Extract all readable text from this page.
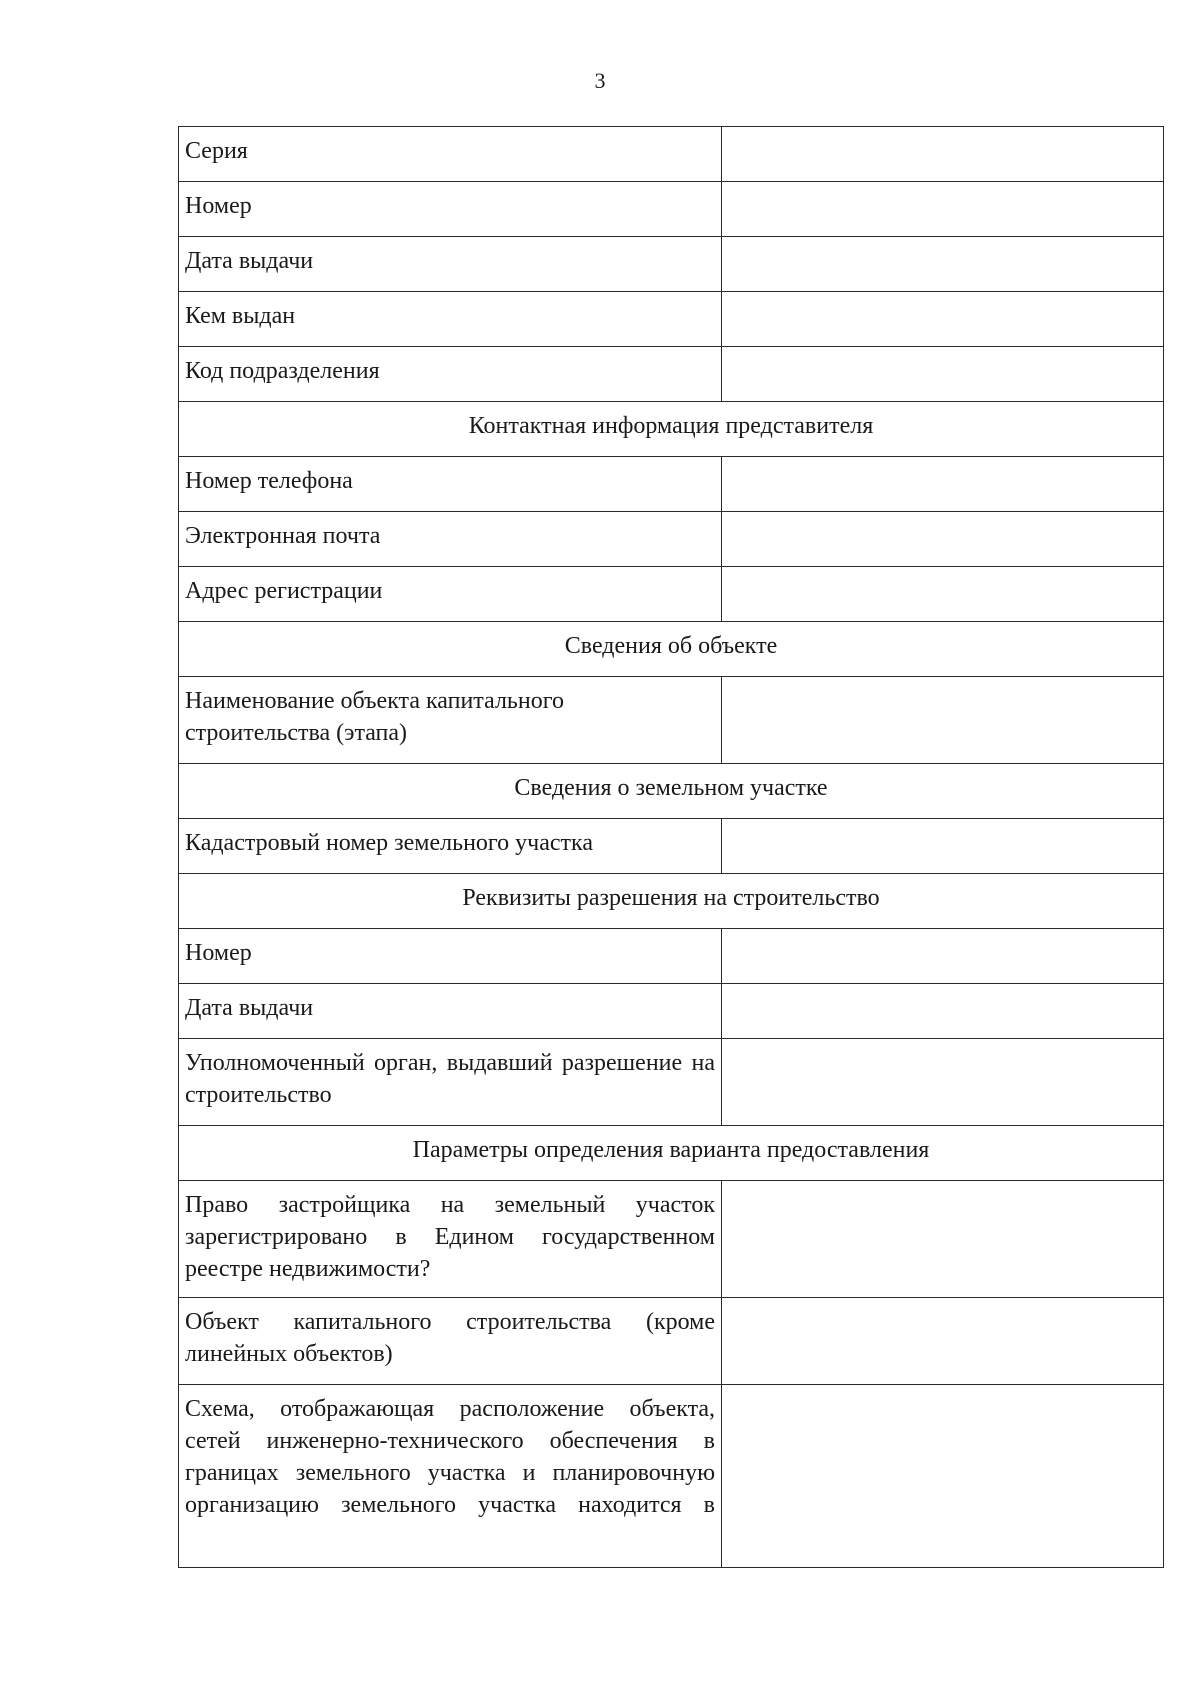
3
Серия	
Номер	
Дата выдачи	
Кем выдан	
Код подразделения	
Контактная информация представителя	
Номер телефона	
Электронная почта	
Адрес регистрации	
Сведения об объекте	
Наименование объекта капитального строительства (этапа)	
Сведения о земельном участке	
Кадастровый номер земельного участка	
Реквизиты разрешения на строительство	
Номер	
Дата выдачи	
Уполномоченный орган, выдавший разрешение на строительство	
Параметры определения варианта предоставления	
Право застройщика на земельный участок зарегистрировано в Едином государственном реестре недвижимости?	
Объект капитального строительства (кроме линейных объектов)	
Схема, отображающая расположение объекта, сетей инженерно-технического обеспечения в границах земельного участка и планировочную организацию земельного участка находится в	
